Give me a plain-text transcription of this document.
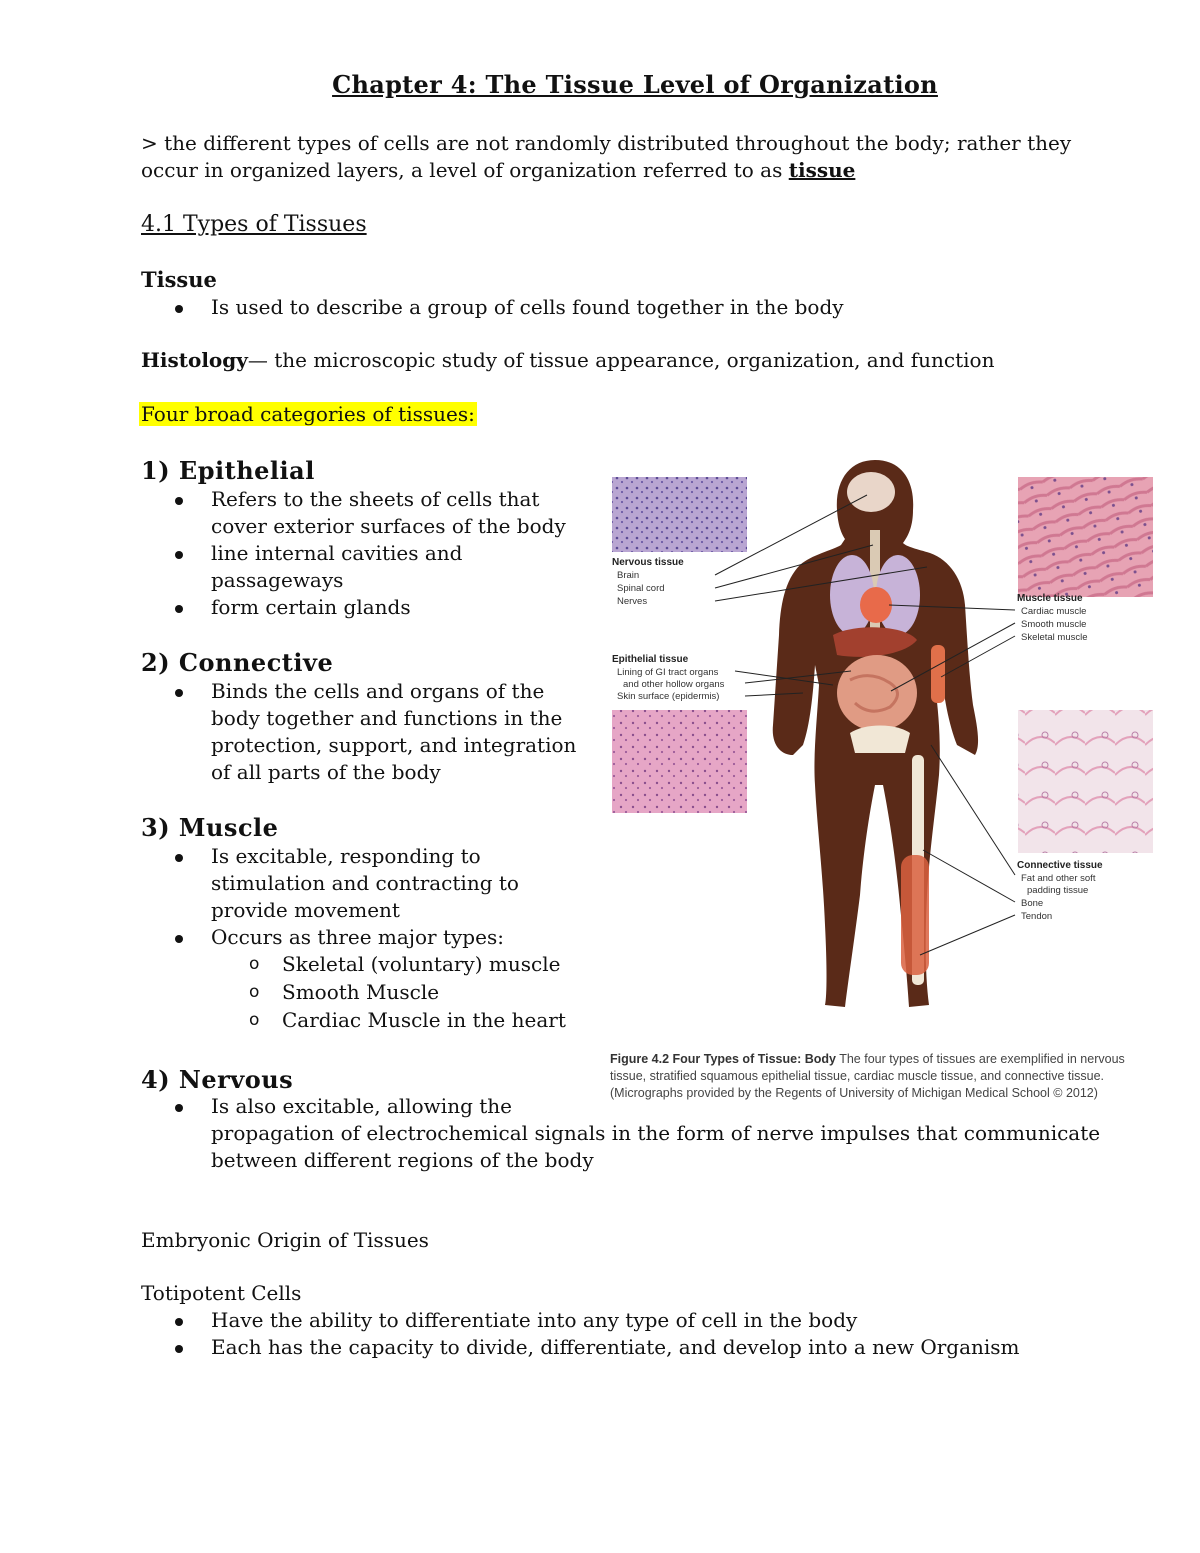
Chapter 4: The Tissue Level of Organization
> the different types of cells are not randomly distributed throughout the body; rather they
occur in organized layers, a level of organization referred to as tissue
4.1 Types of Tissues
Tissue
Is used to describe a group of cells found together in the body
Histology— the microscopic study of tissue appearance, organization, and function
Four broad categories of tissues:
1) Epithelial
Refers to the sheets of cells that cover exterior surfaces of the body
line internal cavities and passageways
form certain glands
2) Connective
Binds the cells and organs of the body together and functions in the protection, support, and integration of all parts of the body
3) Muscle
Is excitable, responding to stimulation and contracting to provide movement
Occurs as three major types:
o Skeletal (voluntary) muscle
o Smooth Muscle
o Cardiac Muscle in the heart
4) Nervous
Is also excitable, allowing the
propagation of electrochemical signals in the form of nerve impulses that communicate between different regions of the body
Embryonic Origin of Tissues
Totipotent Cells
Have the ability to differentiate into any type of cell in the body
Each has the capacity to divide, differentiate, and develop into a new Organism
Nervous tissue
Brain
Spinal cord
Nerves	Muscle tissue
Cardiac muscle
Smooth muscle
Skeletal muscle
Epithelial tissue
Lining of GI tract organs
and other hollow organs
Skin surface (epidermis)
Connective tissue
Fat and other soft
padding tissue
Bone
Tendon
Figure 4.2 Four Types of Tissue: Body The four types of tissues are exemplified in nervous tissue, stratified squamous epithelial tissue, cardiac muscle tissue, and connective tissue. (Micrographs provided by the Regents of University of Michigan Medical School © 2012)
